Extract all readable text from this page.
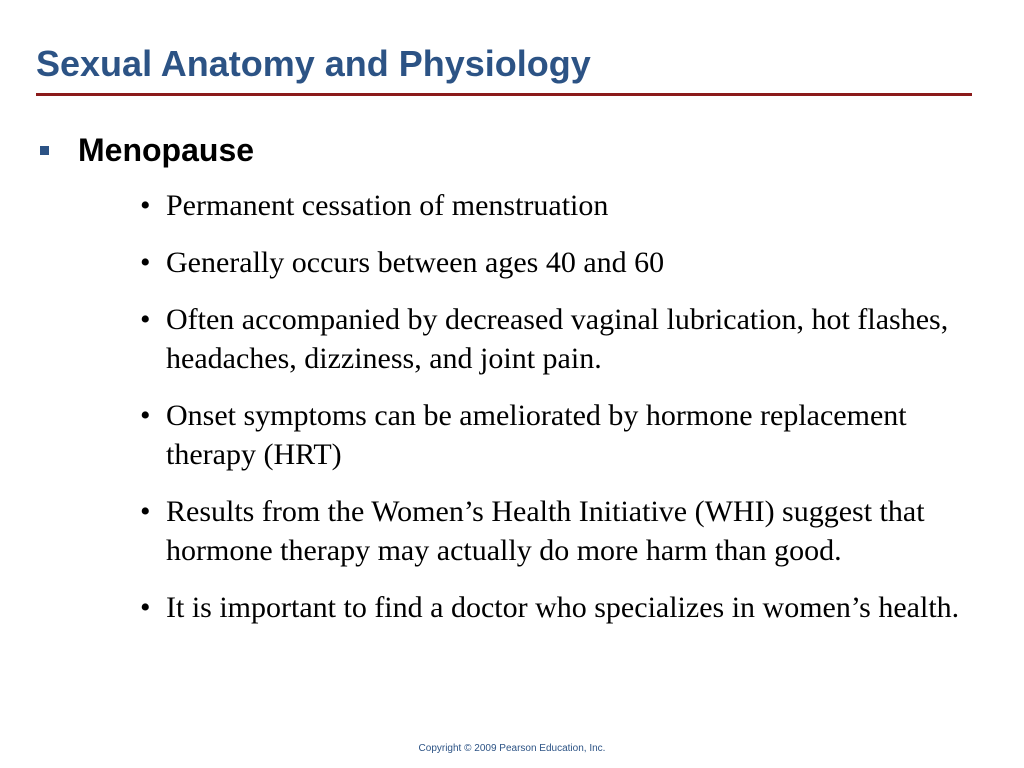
Sexual Anatomy and Physiology
Menopause
• Permanent cessation of menstruation
• Generally occurs between ages 40 and 60
• Often accompanied by decreased vaginal lubrication, hot flashes, headaches, dizziness, and joint pain.
• Onset symptoms can be ameliorated by hormone replacement therapy (HRT)
• Results from the Women’s Health Initiative (WHI) suggest that hormone therapy may actually do more harm than good.
• It is important to find a doctor who specializes in women’s health.
Copyright © 2009 Pearson Education, Inc.
